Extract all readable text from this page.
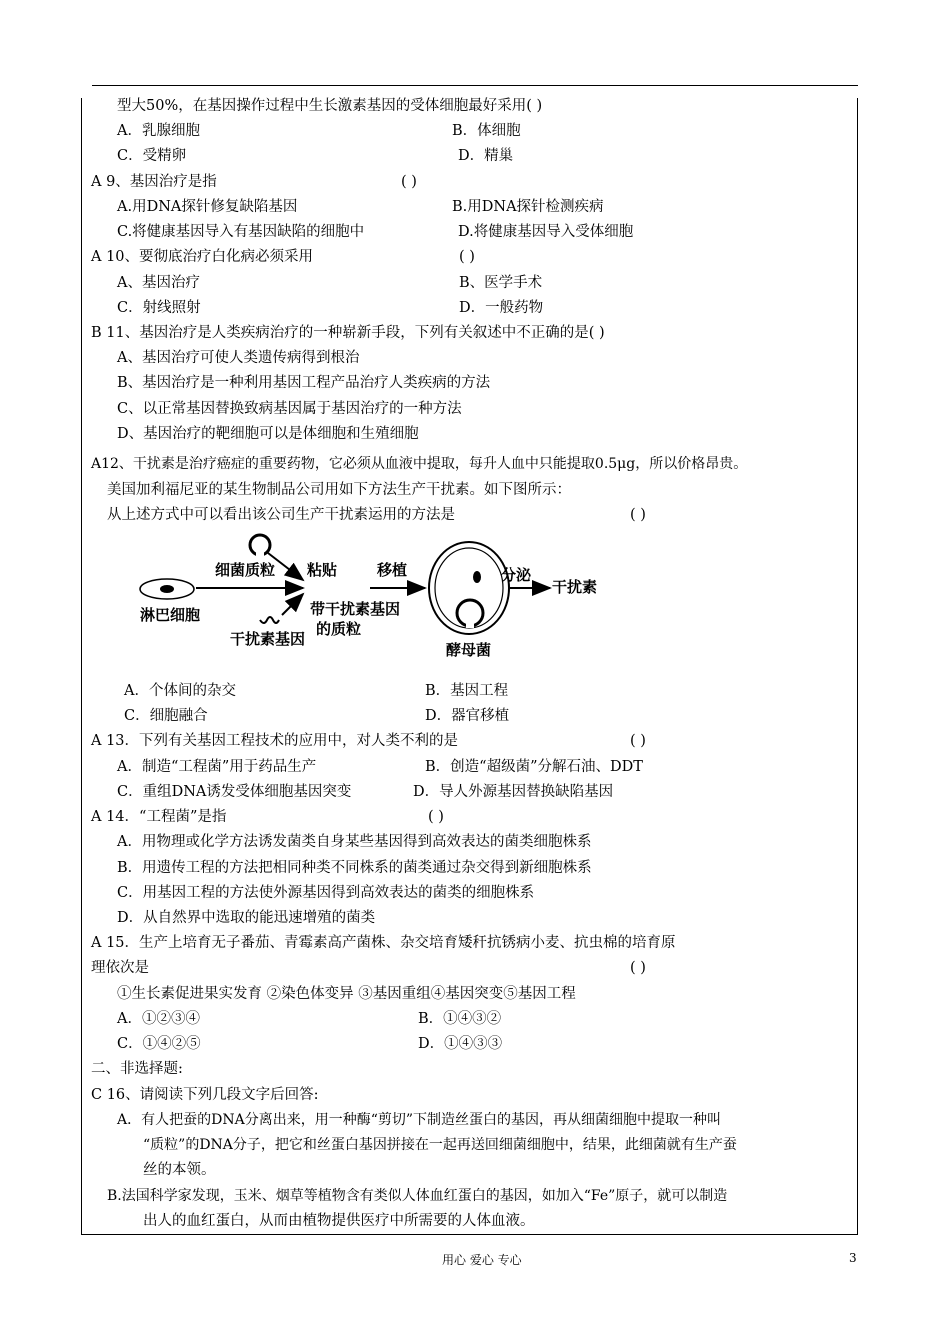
型大50%，在基因操作过程中生长激素基因的受体细胞最好采用( )
A．乳腺细胞	B．体细胞
C．受精卵	D．精巢
A 9、基因治疗是指	( )
A.用DNA探针修复缺陷基因	B.用DNA探针检测疾病
C.将健康基因导入有基因缺陷的细胞中	D.将健康基因导入受体细胞
A 10、要彻底治疗白化病必须采用	( )
A、基因治疗	B、医学手术
C．射线照射	D．一般药物
B 11、基因治疗是人类疾病治疗的一种崭新手段，下列有关叙述中不正确的是( )
A、基因治疗可使人类遗传病得到根治
B、基因治疗是一种利用基因工程产品治疗人类疾病的方法
C、以正常基因替换致病基因属于基因治疗的一种方法
D、基因治疗的靶细胞可以是体细胞和生殖细胞
A12、干扰素是治疗癌症的重要药物，它必须从血液中提取，每升人血中只能提取0.5μg，所以价格昂贵。
美国加利福尼亚的某生物制品公司用如下方法生产干扰素。如下图所示：
从上述方式中可以看出该公司生产干扰素运用的方法是	( )
淋巴细胞
细菌质粒
干扰素基因
粘贴
带干扰素基因
的质粒
移植
酵母菌
分泌
干扰素
A．个体间的杂交	B．基因工程
C．细胞融合	D．器官移植
A 13．下列有关基因工程技术的应用中，对人类不利的是	( )
A．制造“工程菌”用于药品生产	B．创造“超级菌”分解石油、DDT
C．重组DNA诱发受体细胞基因突变	D．导人外源基因替换缺陷基因
A 14．“工程菌”是指	( )
A．用物理或化学方法诱发菌类自身某些基因得到高效表达的菌类细胞株系
B．用遗传工程的方法把相同种类不同株系的菌类通过杂交得到新细胞株系
C．用基因工程的方法使外源基因得到高效表达的菌类的细胞株系
D．从自然界中选取的能迅速增殖的菌类
A 15．生产上培育无子番茄、青霉素高产菌株、杂交培育矮秆抗锈病小麦、抗虫棉的培育原
理依次是	( )
①生长素促进果实发育 ②染色体变异 ③基因重组④基因突变⑤基因工程
A．①②③④	B．①④③②
C．①④②⑤	D．①④③③
二、非选择题:
C 16、请阅读下列几段文字后回答:
A．有人把蚕的DNA分离出来，用一种酶“剪切”下制造丝蛋白的基因，再从细菌细胞中提取一种叫
“质粒”的DNA分子，把它和丝蛋白基因拼接在一起再送回细菌细胞中，结果，此细菌就有生产蚕
丝的本领。
B.法国科学家发现，玉米、烟草等植物含有类似人体血红蛋白的基因，如加入“Fe”原子，就可以制造
出人的血红蛋白，从而由植物提供医疗中所需要的人体血液。
用心 爱心 专心	3
